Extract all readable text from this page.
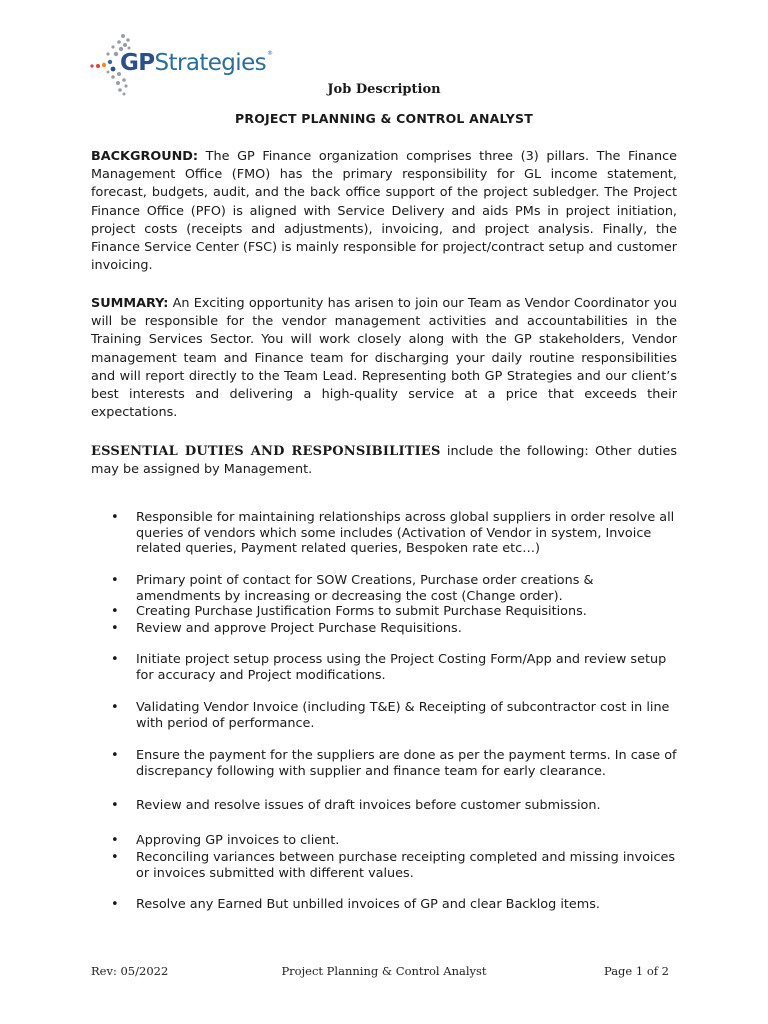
GPStrategies®
Job Description
PROJECT PLANNING & CONTROL ANALYST

BACKGROUND: The GP Finance organization comprises three (3) pillars. The Finance Management Office (FMO) has the primary responsibility for GL income statement, forecast, budgets, audit, and the back office support of the project subledger. The Project Finance Office (PFO) is aligned with Service Delivery and aids PMs in project initiation, project costs (receipts and adjustments), invoicing, and project analysis. Finally, the Finance Service Center (FSC) is mainly responsible for project/contract setup and customer invoicing.

SUMMARY: An Exciting opportunity has arisen to join our Team as Vendor Coordinator you will be responsible for the vendor management activities and accountabilities in the Training Services Sector. You will work closely along with the GP stakeholders, Vendor management team and Finance team for discharging your daily routine responsibilities and will report directly to the Team Lead. Representing both GP Strategies and our client’s best interests and delivering a high-quality service at a price that exceeds their expectations.

ESSENTIAL DUTIES AND RESPONSIBILITIES include the following: Other duties may be assigned by Management.

• Responsible for maintaining relationships across global suppliers in order resolve all queries of vendors which some includes (Activation of Vendor in system, Invoice related queries, Payment related queries, Bespoken rate etc…)
• Primary point of contact for SOW Creations, Purchase order creations & amendments by increasing or decreasing the cost (Change order).
• Creating Purchase Justification Forms to submit Purchase Requisitions.
• Review and approve Project Purchase Requisitions.
• Initiate project setup process using the Project Costing Form/App and review setup for accuracy and Project modifications.
• Validating Vendor Invoice (including T&E) & Receipting of subcontractor cost in line with period of performance.
• Ensure the payment for the suppliers are done as per the payment terms. In case of discrepancy following with supplier and finance team for early clearance.
• Review and resolve issues of draft invoices before customer submission.
• Approving GP invoices to client.
• Reconciling variances between purchase receipting completed and missing invoices or invoices submitted with different values.
• Resolve any Earned But unbilled invoices of GP and clear Backlog items.
Rev: 05/2022	Project Planning & Control Analyst	Page 1 of 2
